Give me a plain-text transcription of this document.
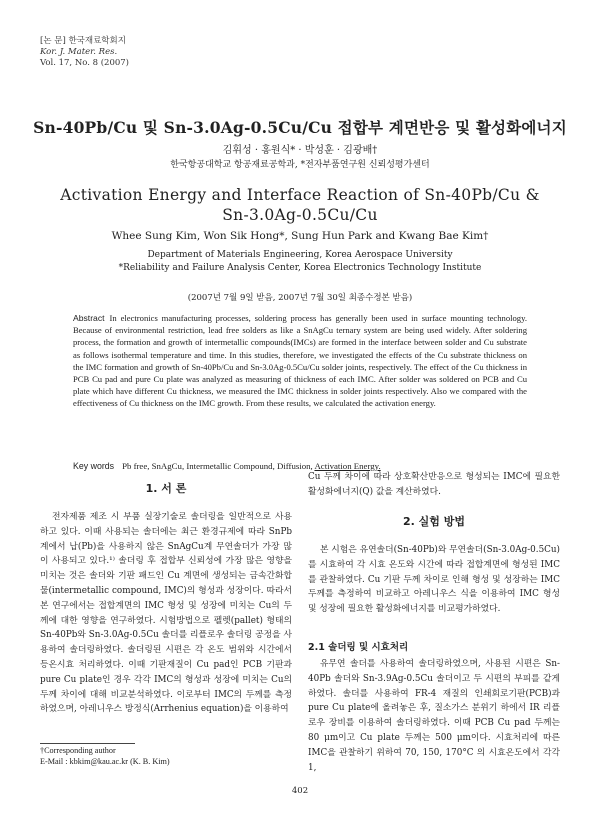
[논 문] 한국재료학회지
Kor. J. Mater. Res.
Vol. 17, No. 8 (2007)
Sn-40Pb/Cu 및 Sn-3.0Ag-0.5Cu/Cu 접합부 계면반응 및 활성화에너지
김휘성 · 홍원식* · 박성훈 · 김광배†
한국항공대학교 항공재료공학과, *전자부품연구원 신뢰성평가센터
Activation Energy and Interface Reaction of Sn-40Pb/Cu &
Sn-3.0Ag-0.5Cu/Cu
Whee Sung Kim, Won Sik Hong*, Sung Hun Park and Kwang Bae Kim†
Department of Materials Engineering, Korea Aerospace University
*Reliability and Failure Analysis Center, Korea Electronics Technology Institute
(2007년 7월 9일 받음, 2007년 7월 30일 최종수정본 받음)
Abstract In electronics manufacturing processes, soldering process has generally been used in surface mounting technology. Because of environmental restriction, lead free solders as like a SnAgCu ternary system are being used widely. After soldering process, the formation and growth of intermetallic compounds(IMCs) are formed in the interface between solder and Cu substrate as follows isothermal temperature and time. In this studies, therefore, we investigated the effects of the Cu substrate thickness on the IMC formation and growth of Sn-40Pb/Cu and Sn-3.0Ag-0.5Cu/Cu solder joints, respectively. The effect of the Cu thickness in PCB Cu pad and pure Cu plate was analyzed as measuring of thickness of each IMC. After solder was soldered on PCB and Cu plate which have different Cu thickness, we measured the IMC thickness in solder joints respectively. Also we compared with the effectiveness of Cu thickness on the IMC growth. From these results, we calculated the activation energy.
Key words Pb free, SnAgCu, Intermetallic Compound, Diffusion, Activation Energy.
1. 서 론
전자제품 제조 시 부품 실장기술로 솔더링을 일반적으로 사용하고 있다. 이때 사용되는 솔더에는 최근 환경규제에 따라 SnPb계에서 납(Pb)을 사용하지 않은 SnAgCu계 무연솔더가 가장 많이 사용되고 있다.¹⁾ 솔더링 후 접합부 신뢰성에 가장 많은 영향을 미치는 것은 솔더와 기판 패드인 Cu 계면에 생성되는 금속간화합물(intermetallic compound, IMC)의 형성과 성장이다. 따라서 본 연구에서는 접합계면의 IMC 형성 및 성장에 미치는 Cu의 두께에 대한 영향을 연구하였다. 시험방법으로 펠렛(pallet) 형태의 Sn-40Pb와 Sn-3.0Ag-0.5Cu 솔더를 리플로우 솔더링 공정을 사용하여 솔더링하였다. 솔더링된 시편은 각 온도 범위와 시간에서 등온시효 처리하였다. 이때 기판재질이 Cu pad인 PCB 기판과 pure Cu plate인 경우 각각 IMC의 형성과 성장에 미치는 Cu의 두께 차이에 대해 비교분석하였다. 이로부터 IMC의 두께를 측정하였으며, 아레니우스 방정식(Arrhenius equation)을 이용하여
†Corresponding author
E-Mail : kbkim@kau.ac.kr (K. B. Kim)
Cu 두께 차이에 따라 상호확산반응으로 형성되는 IMC에 필요한 활성화에너지(Q) 값을 계산하였다.
2. 실험 방법
본 시험은 유연솔더(Sn-40Pb)와 무연솔더(Sn-3.0Ag-0.5Cu)를 시효하여 각 시효 온도와 시간에 따라 접합계면에 형성된 IMC를 관찰하였다. Cu 기판 두께 차이로 인해 형성 및 성장하는 IMC 두께를 측정하여 비교하고 아레니우스 식을 이용하여 IMC 형성 및 성장에 필요한 활성화에너지를 비교평가하였다.
2.1 솔더링 및 시효처리
유무연 솔더를 사용하여 솔더링하였으며, 사용된 시편은 Sn-40Pb 솔더와 Sn-3.9Ag-0.5Cu 솔더이고 두 시편의 부피를 같게 하였다. 솔더를 사용하여 FR-4 재질의 인쇄회로기판(PCB)과 pure Cu plate에 올려놓은 후, 질소가스 분위기 하에서 IR 리플로우 장비를 이용하여 솔더링하였다. 이때 PCB Cu pad 두께는 80 μm이고 Cu plate 두께는 500 μm이다. 시효처리에 따른 IMC을 관찰하기 위하여 70, 150, 170°C 의 시효온도에서 각각 1,
402
